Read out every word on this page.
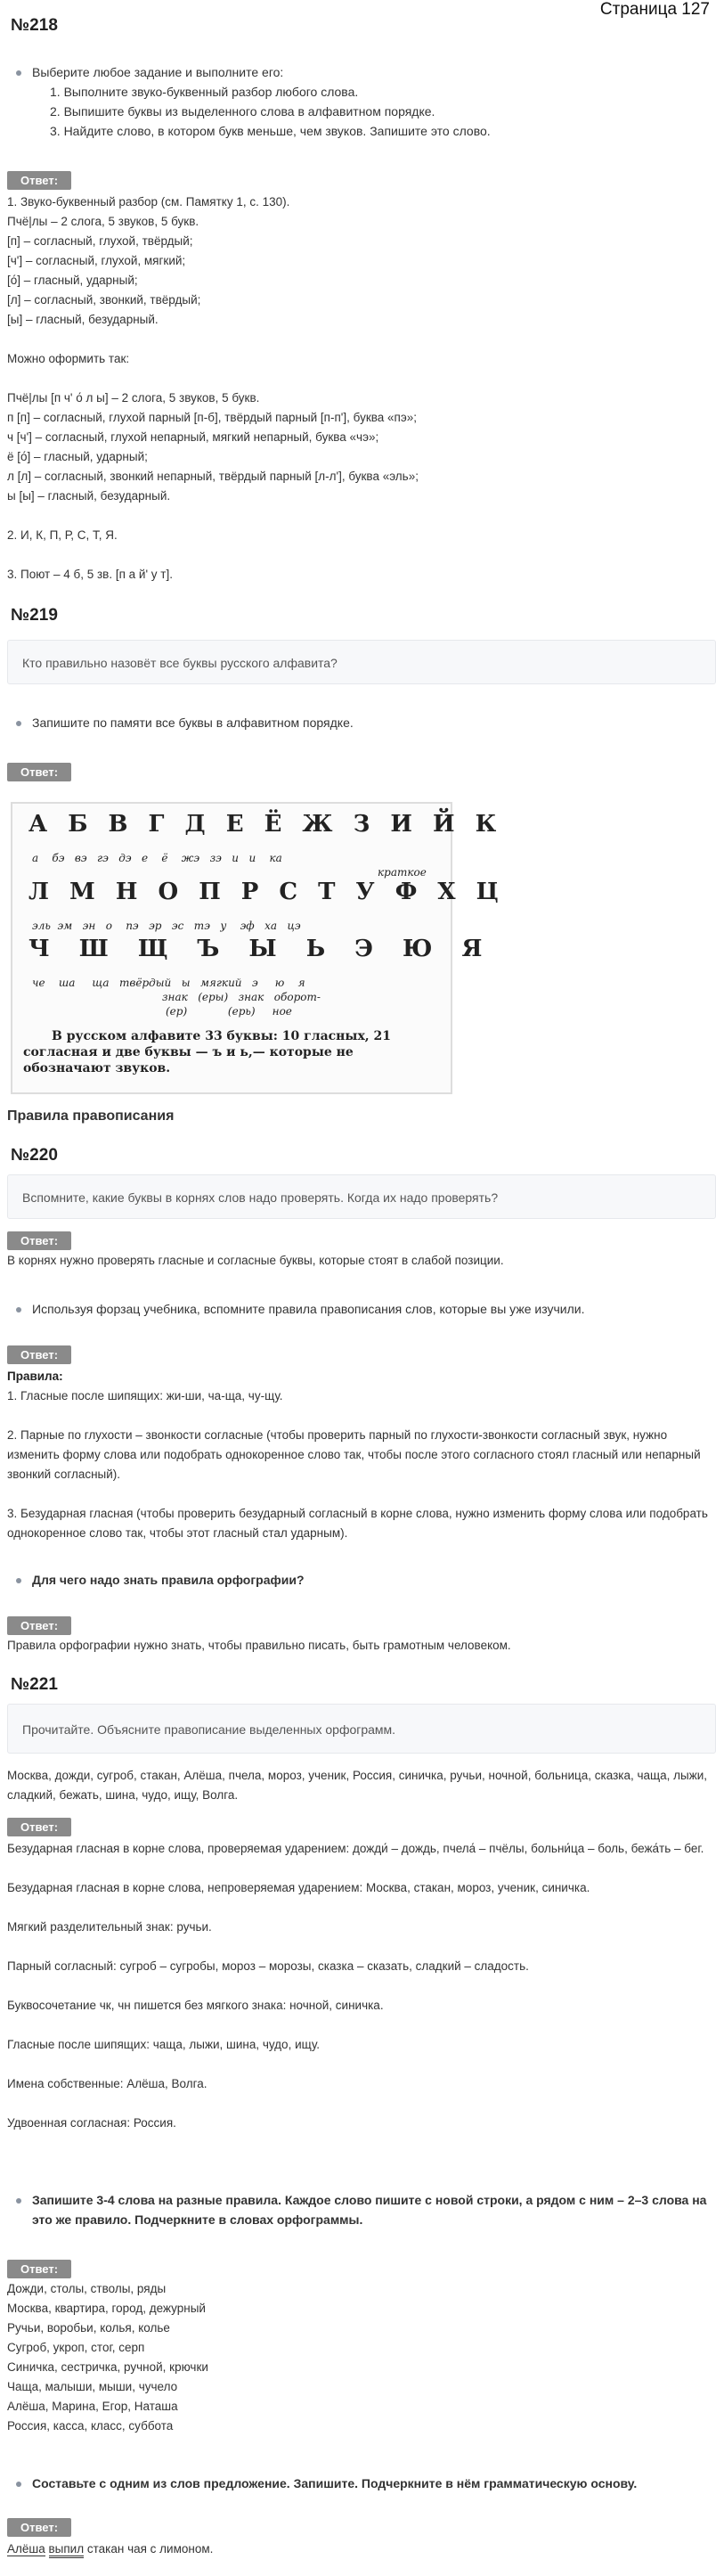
Страница 127
№218
Выберите любое задание и выполните его:
1. Выполните звуко-буквенный разбор любого слова.
2. Выпишите буквы из выделенного слова в алфавитном порядке.
3. Найдите слово, в котором букв меньше, чем звуков. Запишите это слово.
Ответ:
1. Звуко-буквенный разбор (см. Памятку 1, с. 130).
Пчё|лы – 2 слога, 5 звуков, 5 букв.
[п] – согласный, глухой, твёрдый;
[ч'] – согласный, глухой, мягкий;
[о́] – гласный, ударный;
[л] – согласный, звонкий, твёрдый;
[ы] – гласный, безударный.
Можно оформить так:
Пчё|лы [п ч' о́ л ы] – 2 слога, 5 звуков, 5 букв.
п [п] – согласный, глухой парный [п-б], твёрдый парный [п-п'], буква «пэ»;
ч [ч'] – согласный, глухой непарный, мягкий непарный, буква «чэ»;
ё [о́] – гласный, ударный;
л [л] – согласный, звонкий непарный, твёрдый парный [л-л'], буква «эль»;
ы [ы] – гласный, безударный.
2. И, К, П, Р, С, Т, Я.
3. Поют – 4 б, 5 зв. [п а й' у т].
№219
Кто правильно назовёт все буквы русского алфавита?
Запишите по памяти все буквы в алфавитном порядке.
Ответ:
А Б В Г Д Е Ё Ж З И Й К
а    бэ   вэ   гэ   дэ   е    ё    жэ   зэ   и   и    ка
краткое
Л М Н О П Р С Т У Ф Х Ц
эль  эм   эн   о    пэ   эр   эс   тэ   у    эф   ха   цэ
Ч Ш Щ Ъ Ы Ь Э Ю Я
че    ша     ща   твёрдый   ы   мягкий   э     ю    я
знак   (еры)   знак   оборот-
(ер)            (ерь)     ное
В русском алфавите 33 буквы: 10 гласных, 21 согласная и две буквы — ъ и ь,— которые не обозначают звуков.
Правила правописания
№220
Вспомните, какие буквы в корнях слов надо проверять. Когда их надо проверять?
Ответ:
В корнях нужно проверять гласные и согласные буквы, которые стоят в слабой позиции.
Используя форзац учебника, вспомните правила правописания слов, которые вы уже изучили.
Ответ:
Правила:
1. Гласные после шипящих: жи-ши, ча-ща, чу-щу.
2. Парные по глухости – звонкости согласные (чтобы проверить парный по глухости-звонкости согласный звук, нужно изменить форму слова или подобрать однокоренное слово так, чтобы после этого согласного стоял гласный или непарный звонкий согласный).
3. Безударная гласная (чтобы проверить безударный согласный в корне слова, нужно изменить форму слова или подобрать однокоренное слово так, чтобы этот гласный стал ударным).
Для чего надо знать правила орфографии?
Ответ:
Правила орфографии нужно знать, чтобы правильно писать, быть грамотным человеком.
№221
Прочитайте. Объясните правописание выделенных орфограмм.
Москва, дожди, сугроб, стакан, Алёша, пчела, мороз, ученик, Россия, синичка, ручьи, ночной, больница, сказка, чаща, лыжи, сладкий, бежать, шина, чудо, ищу, Волга.
Ответ:
Безударная гласная в корне слова, проверяемая ударением: дожди́ – дождь, пчела́ – пчёлы, больни́ца – боль, бежа́ть – бег.
Безударная гласная в корне слова, непроверяемая ударением: Москва, стакан, мороз, ученик, синичка.
Мягкий разделительный знак: ручьи.
Парный согласный: сугроб – сугробы, мороз – морозы, сказка – сказать, сладкий – сладость.
Буквосочетание чк, чн пишется без мягкого знака: ночной, синичка.
Гласные после шипящих: чаща, лыжи, шина, чудо, ищу.
Имена собственные: Алёша, Волга.
Удвоенная согласная: Россия.
Запишите 3-4 слова на разные правила. Каждое слово пишите с новой строки, а рядом с ним – 2–3 слова на это же правило. Подчеркните в словах орфограммы.
Ответ:
Дожди, столы, стволы, ряды
Москва, квартира, город, дежурный
Ручьи, воробьи, колья, колье
Сугроб, укроп, стог, серп
Синичка, сестричка, ручной, крючки
Чаща, малыши, мыши, чучело
Алёша, Марина, Егор, Наташа
Россия, касса, класс, суббота
Составьте с одним из слов предложение. Запишите. Подчеркните в нём грамматическую основу.
Ответ:
Алёша выпил стакан чая с лимоном.
